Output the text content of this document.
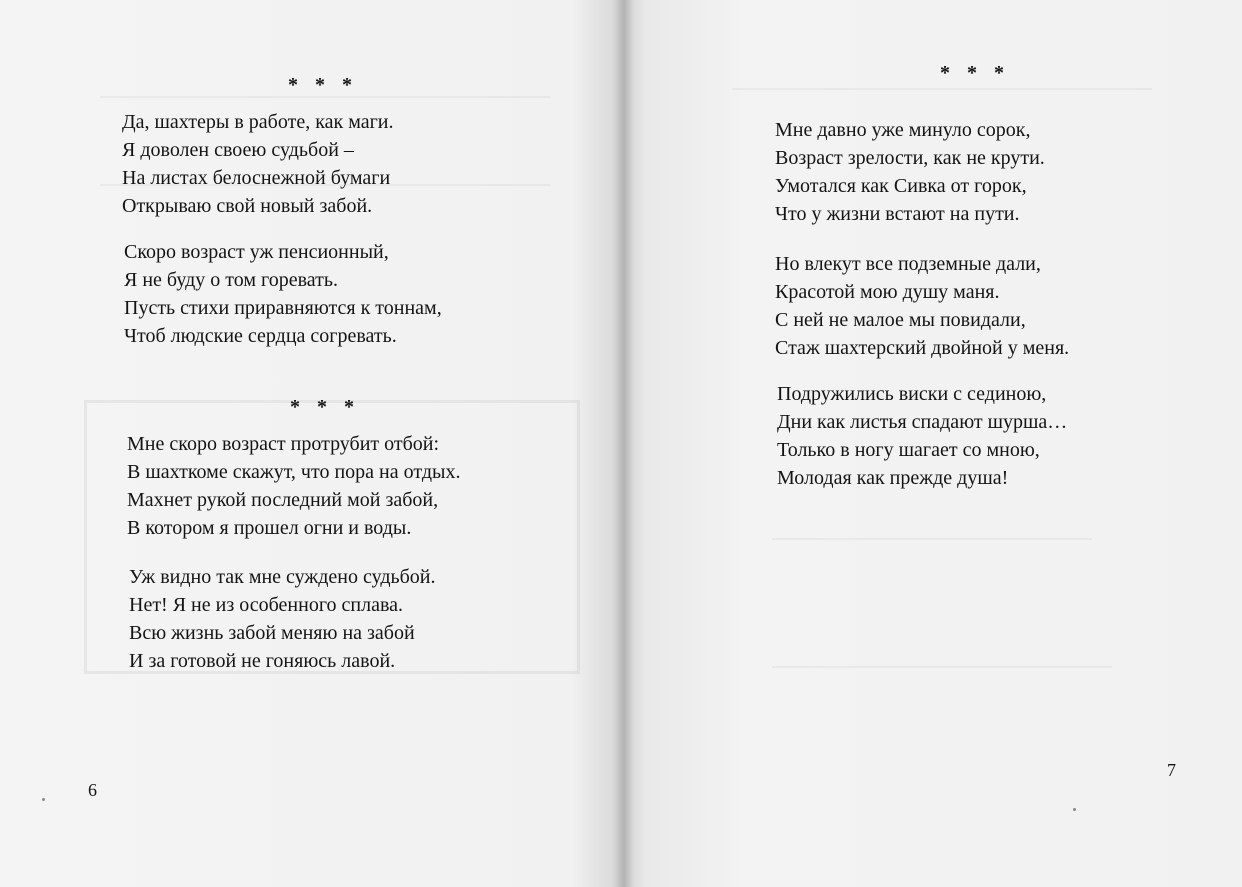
* * *

Да, шахтеры в работе, как маги.

Я доволен своею судьбой –

На листах белоснежной бумаги

Открываю свой новый забой.

Скоро возраст уж пенсионный,

Я не буду о том горевать.

Пусть стихи приравняются к тоннам,

Чтоб людские сердца согревать.

* * *

Мне скоро возраст протрубит отбой:

В шахткоме скажут, что пора на отдых.

Махнет рукой последний мой забой,

В котором я прошел огни и воды.

Уж видно так мне суждено судьбой.

Нет! Я не из особенного сплава.

Всю жизнь забой меняю на забой

И за готовой не гоняюсь лавой.

6
* * *

Мне давно уже минуло сорок,

Возраст зрелости, как не крути.

Умотался как Сивка от горок,

Что у жизни встают на пути.

Но влекут все подземные дали,

Красотой мою душу маня.

С ней не малое мы повидали,

Стаж шахтерский двойной у меня.

Подружились виски с сединою,

Дни как листья спадают шурша…

Только в ногу шагает со мною,

Молодая как прежде душа!

7
